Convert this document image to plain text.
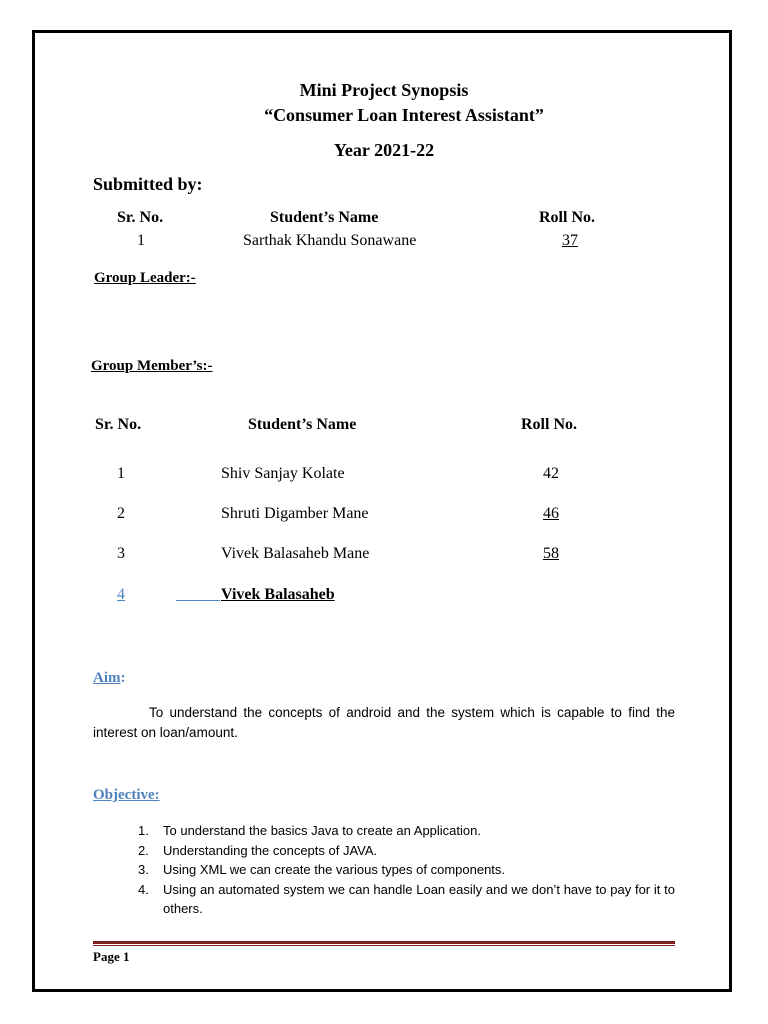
Mini Project Synopsis
“Consumer Loan Interest Assistant”
Year 2021-22
Submitted by:
Sr. No.	Student’s Name	Roll No.
1	Sarthak Khandu Sonawane	37
Group Leader:-
Group Member’s:-
Sr. No.	Student’s Name	Roll No.
1	Shiv Sanjay Kolate	42
2	Shruti Digamber Mane	46
3	Vivek Balasaheb Mane	58
4	Vivek Balasaheb
Aim:
To understand the concepts of android and the system which is capable to find the interest on loan/amount.
Objective:
1. To understand the basics Java to create an Application.
2. Understanding the concepts of JAVA.
3. Using XML we can create the various types of components.
4. Using an automated system we can handle Loan easily and we don’t have to pay for it to others.
Page 1
